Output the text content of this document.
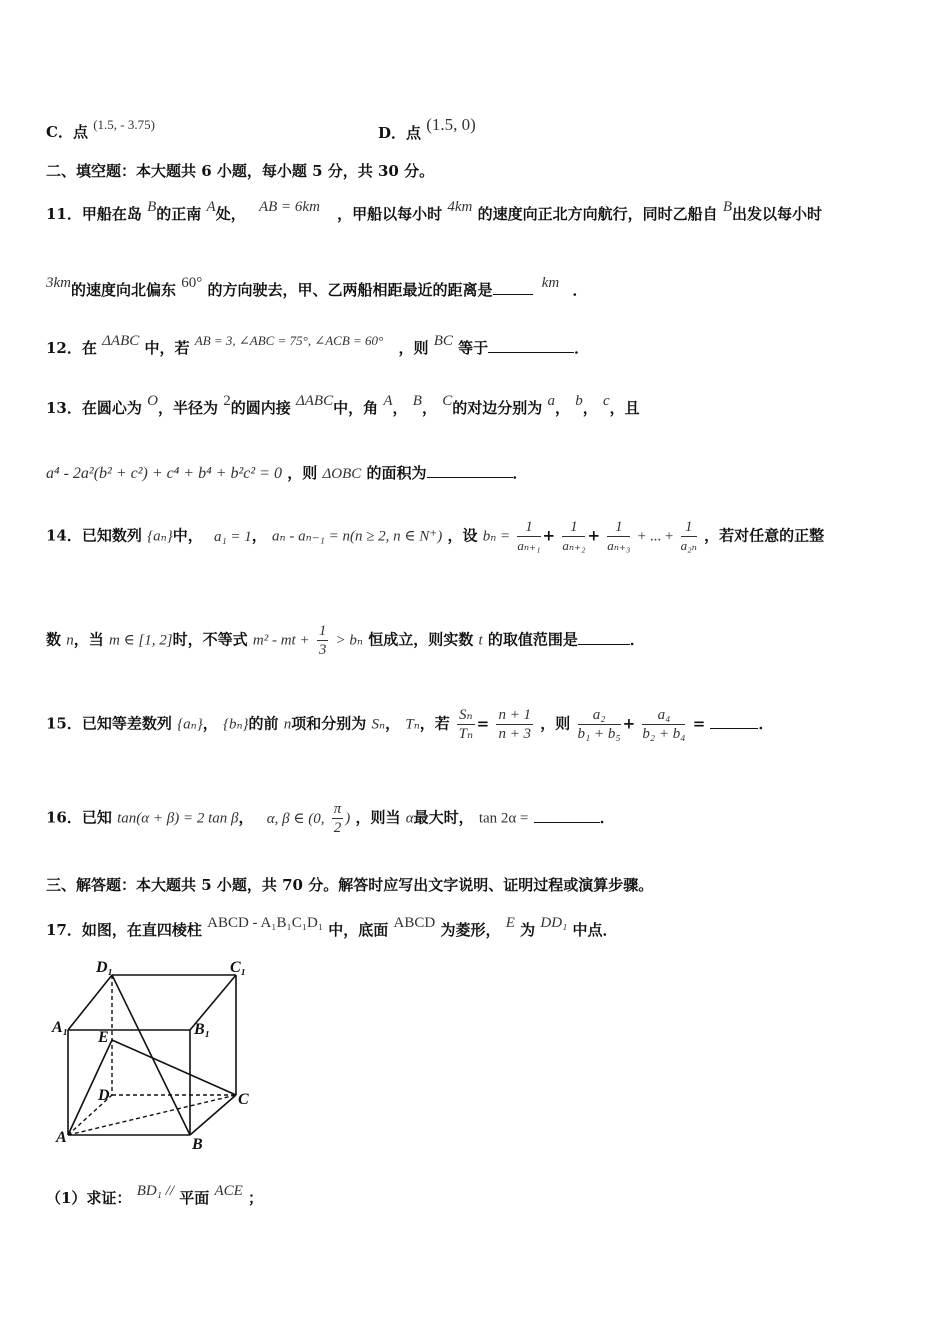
C．点 (1.5, - 3.75)	D．点 (1.5, 0)
二、填空题：本大题共 6 小题，每小题 5 分，共 30 分。
11．甲船在岛 B的正南 A处， AB = 6km ，甲船以每小时 4km 的速度向正北方向航行，同时乙船自 B出发以每小时
3km的速度向北偏东 60° 的方向驶去，甲、乙两船相距最近的距离是	km ．
12．在 ΔABC 中，若 AB = 3, ∠ABC = 75°, ∠ACB = 60° ，则 BC 等于	．
13．在圆心为 O，半径为 2的圆内接 ΔABC中，角 A， B， C的对边分别为 a， b， c，且
a⁴ - 2a²(b² + c²) + c⁴ + b⁴ + b²c² = 0 ，则 ΔOBC 的面积为	．
14．已知数列 {aₙ}中， a₁ = 1， aₙ - aₙ₋₁ = n(n ≥ 2, n ∈ N⁺) ，设 $b_n = \frac{1}{\text{aₙ₊₁}} + \frac{1}{\text{aₙ₊₂}} + \frac{1}{\text{aₙ₊₃}}$ + ... + $\frac{1}{\text{a₂ₙ}}$ ，若对任意的正整
数 n，当 m ∈ [1, 2]时，不等式 m² - mt + $\frac{1}{3} > b_n$ 恒成立，则实数 t 的取值范围是	．
15．已知等差数列 {aₙ}， {bₙ}的前 n项和分别为 Sₙ， Tₙ，若 $\frac{\text{Sₙ}}{\text{Tₙ}} = \frac{n + 1}{n + 3}$ ，则 $\frac{\text{a₂}}{\text{b₁ + b₅}} + \frac{\text{a₄}}{\text{b₂ + b₄}}$ =	．
16．已知 tan(α + β) = 2 tan β， α, β ∈ (0, $\frac{\pi}{2}$ ) ，则当 α最大时， tan 2α =	．
三、解答题：本大题共 5 小题，共 70 分。解答时应写出文字说明、证明过程或演算步骤。
17．如图，在直四棱柱 ABCD - A₁B₁C₁D₁ 中，底面 ABCD 为菱形， E 为 DD₁ 中点．
D₁	C₁
A₁	B₁
E
D	C
A	B
（1）求证： BD₁ // 平面 ACE ；
